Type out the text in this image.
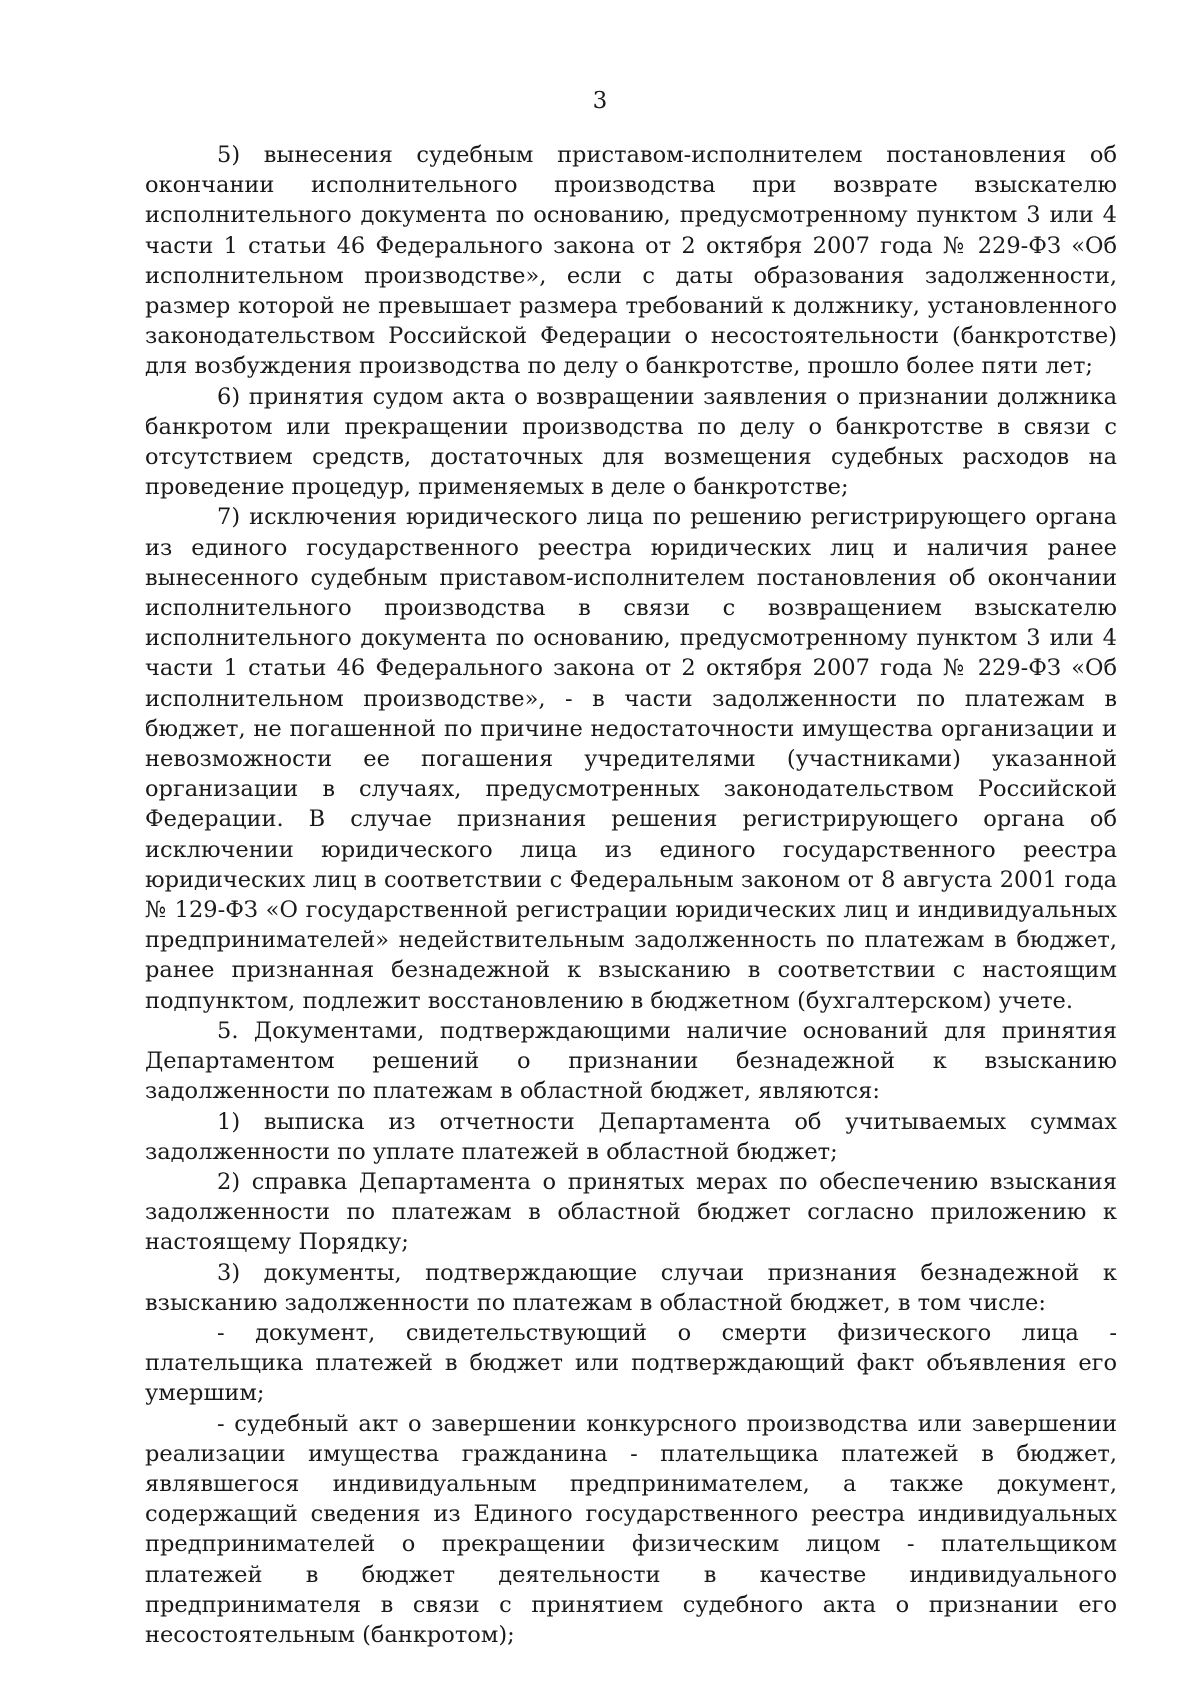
3

5) вынесения судебным приставом-исполнителем постановления об окончании исполнительного производства при возврате взыскателю исполнительного документа по основанию, предусмотренному пунктом 3 или 4 части 1 статьи 46 Федерального закона от 2 октября 2007 года № 229-ФЗ «Об исполнительном производстве», если с даты образования задолженности, размер которой не превышает размера требований к должнику, установленного законодательством Российской Федерации о несостоятельности (банкротстве) для возбуждения производства по делу о банкротстве, прошло более пяти лет;

6) принятия судом акта о возвращении заявления о признании должника банкротом или прекращении производства по делу о банкротстве в связи с отсутствием средств, достаточных для возмещения судебных расходов на проведение процедур, применяемых в деле о банкротстве;

7) исключения юридического лица по решению регистрирующего органа из единого государственного реестра юридических лиц и наличия ранее вынесенного судебным приставом-исполнителем постановления об окончании исполнительного производства в связи с возвращением взыскателю исполнительного документа по основанию, предусмотренному пунктом 3 или 4 части 1 статьи 46 Федерального закона от 2 октября 2007 года № 229-ФЗ «Об исполнительном производстве», - в части задолженности по платежам в бюджет, не погашенной по причине недостаточности имущества организации и невозможности ее погашения учредителями (участниками) указанной организации в случаях, предусмотренных законодательством Российской Федерации. В случае признания решения регистрирующего органа об исключении юридического лица из единого государственного реестра юридических лиц в соответствии с Федеральным законом от 8 августа 2001 года № 129-ФЗ «О государственной регистрации юридических лиц и индивидуальных предпринимателей» недействительным задолженность по платежам в бюджет, ранее признанная безнадежной к взысканию в соответствии с настоящим подпунктом, подлежит восстановлению в бюджетном (бухгалтерском) учете.

5. Документами, подтверждающими наличие оснований для принятия Департаментом решений о признании безнадежной к взысканию задолженности по платежам в областной бюджет, являются:

1) выписка из отчетности Департамента об учитываемых суммах задолженности по уплате платежей в областной бюджет;

2) справка Департамента о принятых мерах по обеспечению взыскания задолженности по платежам в областной бюджет согласно приложению к настоящему Порядку;

3) документы, подтверждающие случаи признания безнадежной к взысканию задолженности по платежам в областной бюджет, в том числе:

- документ, свидетельствующий о смерти физического лица - плательщика платежей в бюджет или подтверждающий факт объявления его умершим;

- судебный акт о завершении конкурсного производства или завершении реализации имущества гражданина - плательщика платежей в бюджет, являвшегося индивидуальным предпринимателем, а также документ, содержащий сведения из Единого государственного реестра индивидуальных предпринимателей о прекращении физическим лицом - плательщиком платежей в бюджет деятельности в качестве индивидуального предпринимателя в связи с принятием судебного акта о признании его несостоятельным (банкротом);
